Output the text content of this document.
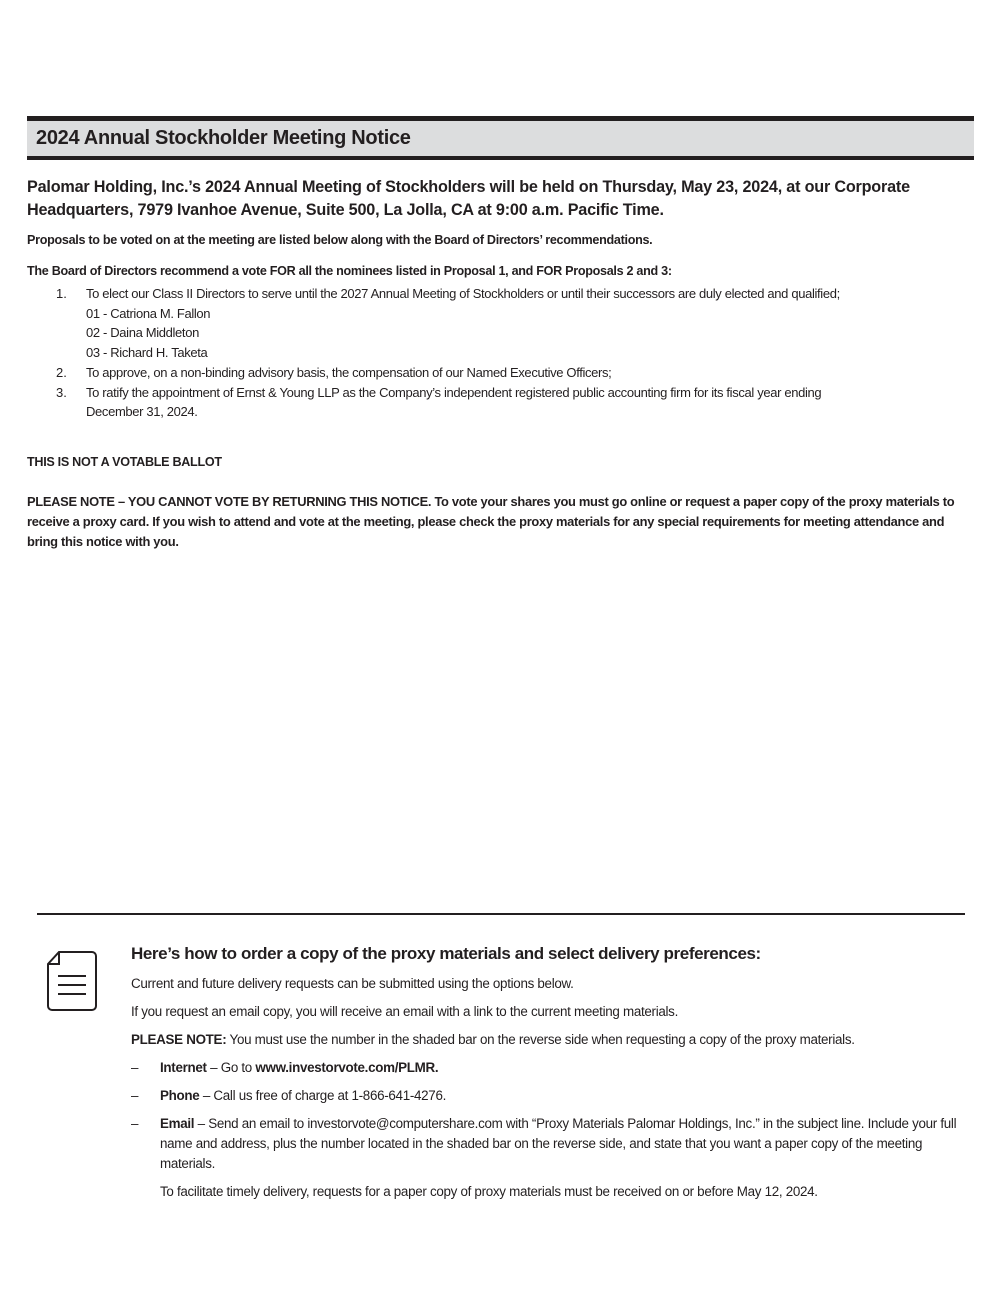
2024 Annual Stockholder Meeting Notice
Palomar Holding, Inc.’s 2024 Annual Meeting of Stockholders will be held on Thursday, May 23, 2024, at our Corporate Headquarters, 7979 Ivanhoe Avenue, Suite 500, La Jolla, CA at 9:00 a.m. Pacific Time.
Proposals to be voted on at the meeting are listed below along with the Board of Directors’ recommendations.
The Board of Directors recommend a vote FOR all the nominees listed in Proposal 1, and FOR Proposals 2 and 3:
1. To elect our Class II Directors to serve until the 2027 Annual Meeting of Stockholders or until their successors are duly elected and qualified;
01 - Catriona M. Fallon
02 - Daina Middleton
03 - Richard H. Taketa
2. To approve, on a non-binding advisory basis, the compensation of our Named Executive Officers;
3. To ratify the appointment of Ernst & Young LLP as the Company’s independent registered public accounting firm for its fiscal year ending
December 31, 2024.
THIS IS NOT A VOTABLE BALLOT
PLEASE NOTE – YOU CANNOT VOTE BY RETURNING THIS NOTICE. To vote your shares you must go online or request a paper copy of the proxy materials to receive a proxy card. If you wish to attend and vote at the meeting, please check the proxy materials for any special requirements for meeting attendance and bring this notice with you.
Here’s how to order a copy of the proxy materials and select delivery preferences:
Current and future delivery requests can be submitted using the options below.
If you request an email copy, you will receive an email with a link to the current meeting materials.
PLEASE NOTE: You must use the number in the shaded bar on the reverse side when requesting a copy of the proxy materials.
– Internet – Go to www.investorvote.com/PLMR.
– Phone – Call us free of charge at 1-866-641-4276.
– Email – Send an email to investorvote@computershare.com with “Proxy Materials Palomar Holdings, Inc.” in the subject line. Include your full name and address, plus the number located in the shaded bar on the reverse side, and state that you want a paper copy of the meeting materials.
To facilitate timely delivery, requests for a paper copy of proxy materials must be received on or before May 12, 2024.
